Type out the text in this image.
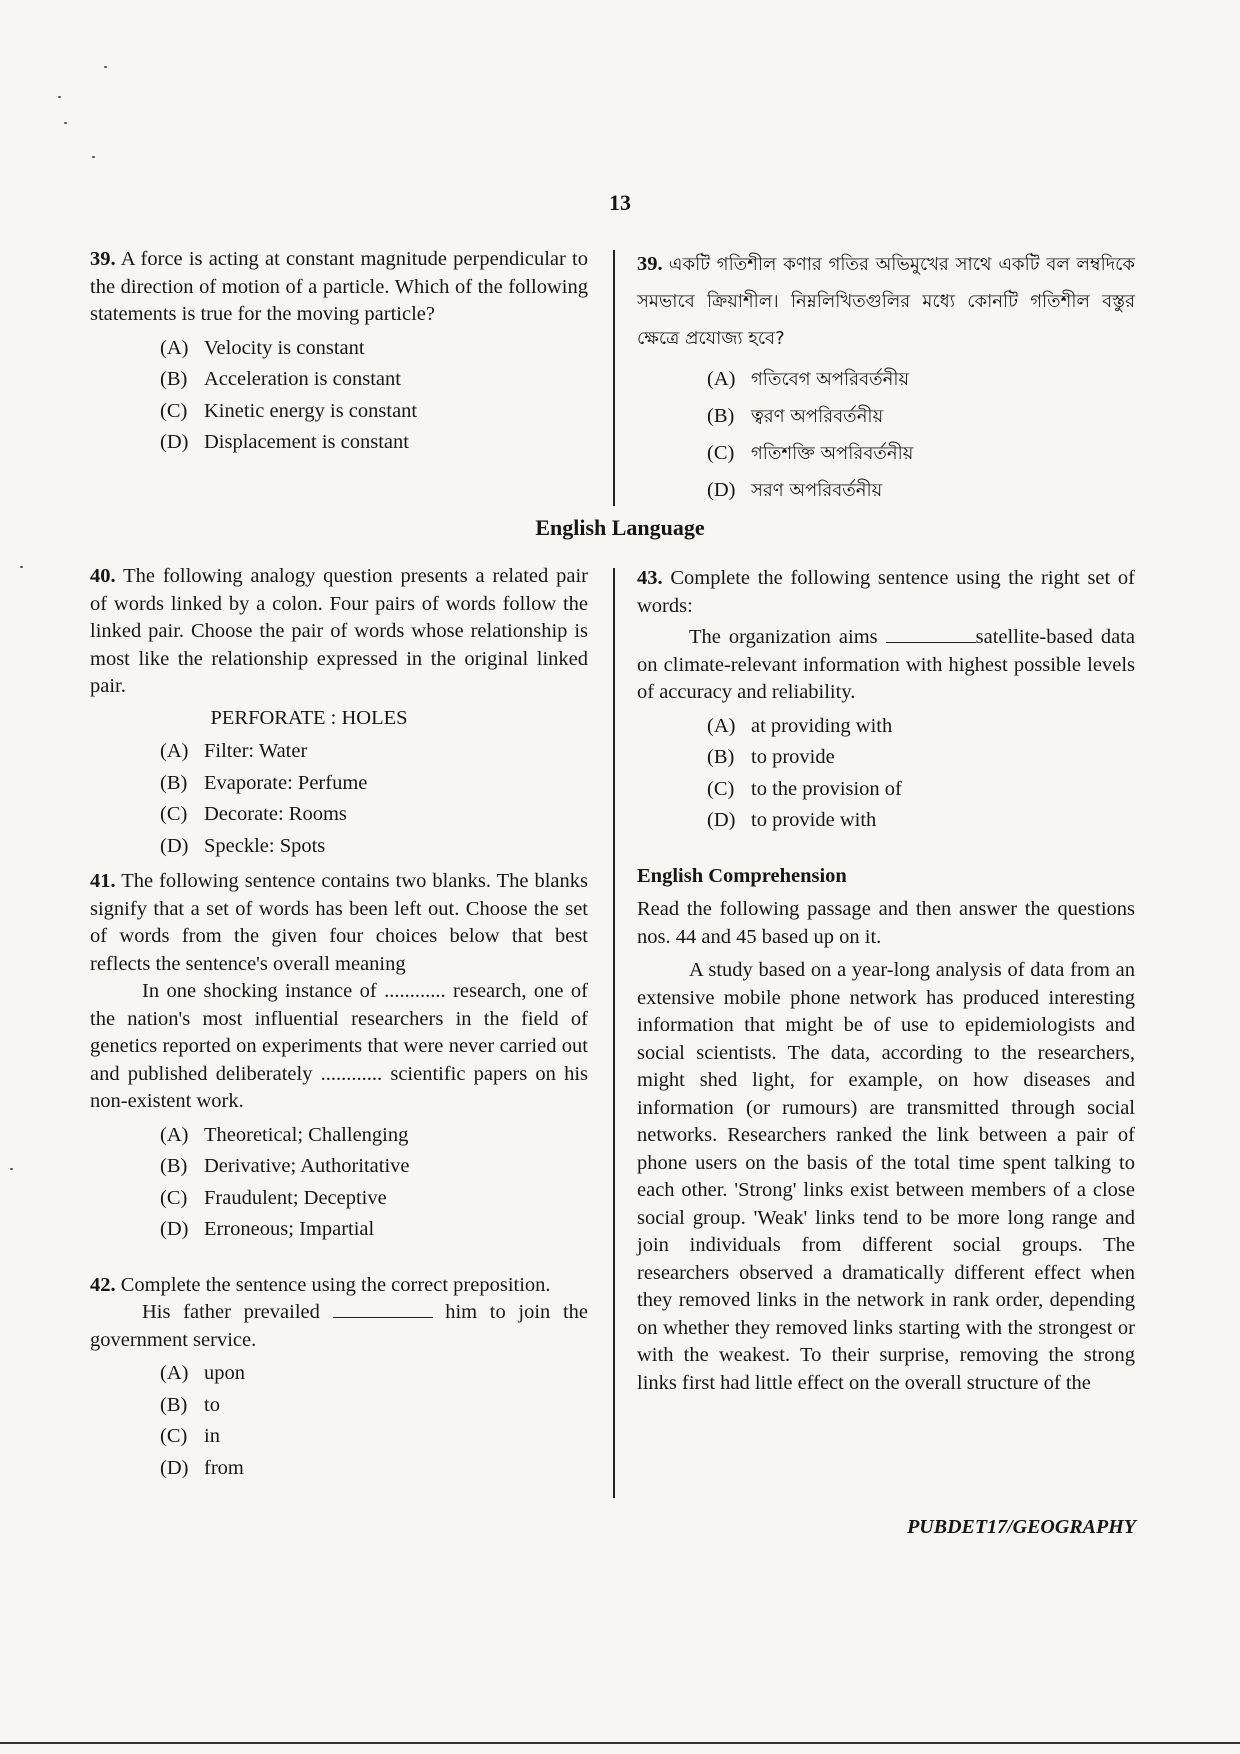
13

39. A force is acting at constant magnitude perpendicular to the direction of motion of a particle. Which of the following statements is true for the moving particle?

(A) Velocity is constant
(B) Acceleration is constant
(C) Kinetic energy is constant
(D) Displacement is constant

39. একটি গতিশীল কণার গতির অভিমুখের সাথে একটি বল লম্বদিকে সমভাবে ক্রিয়াশীল। নিম্নলিখিতগুলির মধ্যে কোনটি গতিশীল বস্তুর ক্ষেত্রে প্রযোজ্য হবে?

(A) গতিবেগ অপরিবর্তনীয়
(B) ত্বরণ অপরিবর্তনীয়
(C) গতিশক্তি অপরিবর্তনীয়
(D) সরণ অপরিবর্তনীয়
English Language

40. The following analogy question presents a related pair of words linked by a colon. Four pairs of words follow the linked pair. Choose the pair of words whose relationship is most like the relationship expressed in the original linked pair.

PERFORATE : HOLES

(A) Filter: Water
(B) Evaporate: Perfume
(C) Decorate: Rooms
(D) Speckle: Spots

41. The following sentence contains two blanks. The blanks signify that a set of words has been left out. Choose the set of words from the given four choices below that best reflects the sentence's overall meaning

In one shocking instance of ............ research, one of the nation's most influential researchers in the field of genetics reported on experiments that were never carried out and published deliberately ............ scientific papers on his non-existent work.

(A) Theoretical; Challenging
(B) Derivative; Authoritative
(C) Fraudulent; Deceptive
(D) Erroneous; Impartial

42. Complete the sentence using the correct preposition.

His father prevailed	him to join the government service.

(A) upon
(B) to
(C) in
(D) from

43. Complete the following sentence using the right set of words:

The organization aims	satellite-based data on climate-relevant information with highest possible levels of accuracy and reliability.

(A) at providing with
(B) to provide
(C) to the provision of
(D) to provide with

English Comprehension

Read the following passage and then answer the questions nos. 44 and 45 based up on it.

A study based on a year-long analysis of data from an extensive mobile phone network has produced interesting information that might be of use to epidemiologists and social scientists. The data, according to the researchers, might shed light, for example, on how diseases and information (or rumours) are transmitted through social networks. Researchers ranked the link between a pair of phone users on the basis of the total time spent talking to each other. 'Strong' links exist between members of a close social group. 'Weak' links tend to be more long range and join individuals from different social groups. The researchers observed a dramatically different effect when they removed links in the network in rank order, depending on whether they removed links starting with the strongest or with the weakest. To their surprise, removing the strong links first had little effect on the overall structure of the

PUBDET17/GEOGRAPHY
